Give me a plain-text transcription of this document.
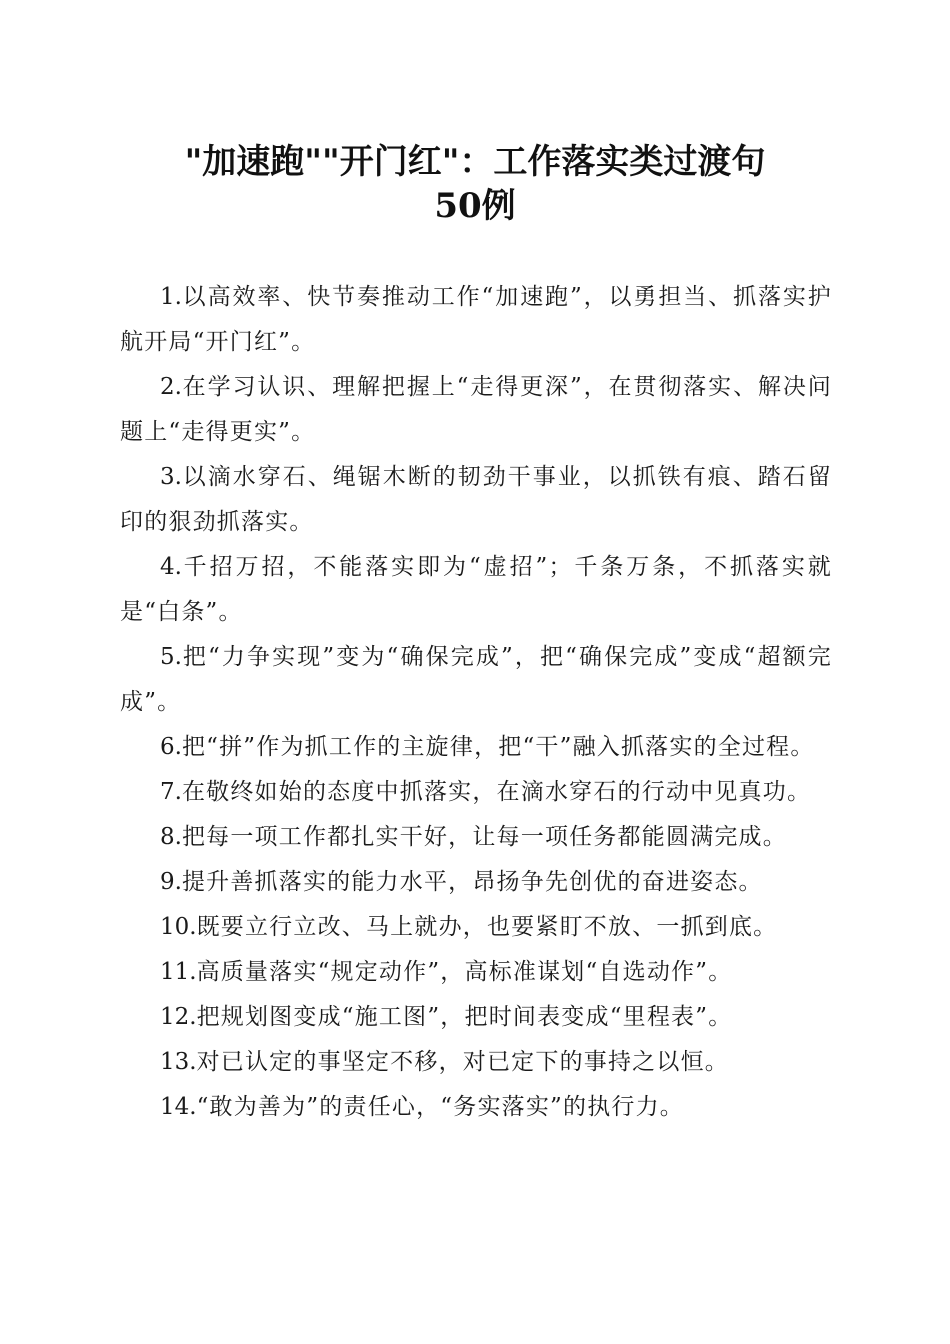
"加速跑""开门红"：工作落实类过渡句
50例

1.以高效率、快节奏推动工作“加速跑”，以勇担当、抓落实护航开局“开门红”。

2.在学习认识、理解把握上“走得更深”，在贯彻落实、解决问题上“走得更实”。

3.以滴水穿石、绳锯木断的韧劲干事业，以抓铁有痕、踏石留印的狠劲抓落实。

4.千招万招，不能落实即为“虚招”；千条万条，不抓落实就是“白条”。

5.把“力争实现”变为“确保完成”，把“确保完成”变成“超额完成”。

6.把“拼”作为抓工作的主旋律，把“干”融入抓落实的全过程。

7.在敬终如始的态度中抓落实，在滴水穿石的行动中见真功。

8.把每一项工作都扎实干好，让每一项任务都能圆满完成。

9.提升善抓落实的能力水平，昂扬争先创优的奋进姿态。

10.既要立行立改、马上就办，也要紧盯不放、一抓到底。

11.高质量落实“规定动作”，高标准谋划“自选动作”。

12.把规划图变成“施工图”，把时间表变成“里程表”。

13.对已认定的事坚定不移，对已定下的事持之以恒。

14.“敢为善为”的责任心，“务实落实”的执行力。
